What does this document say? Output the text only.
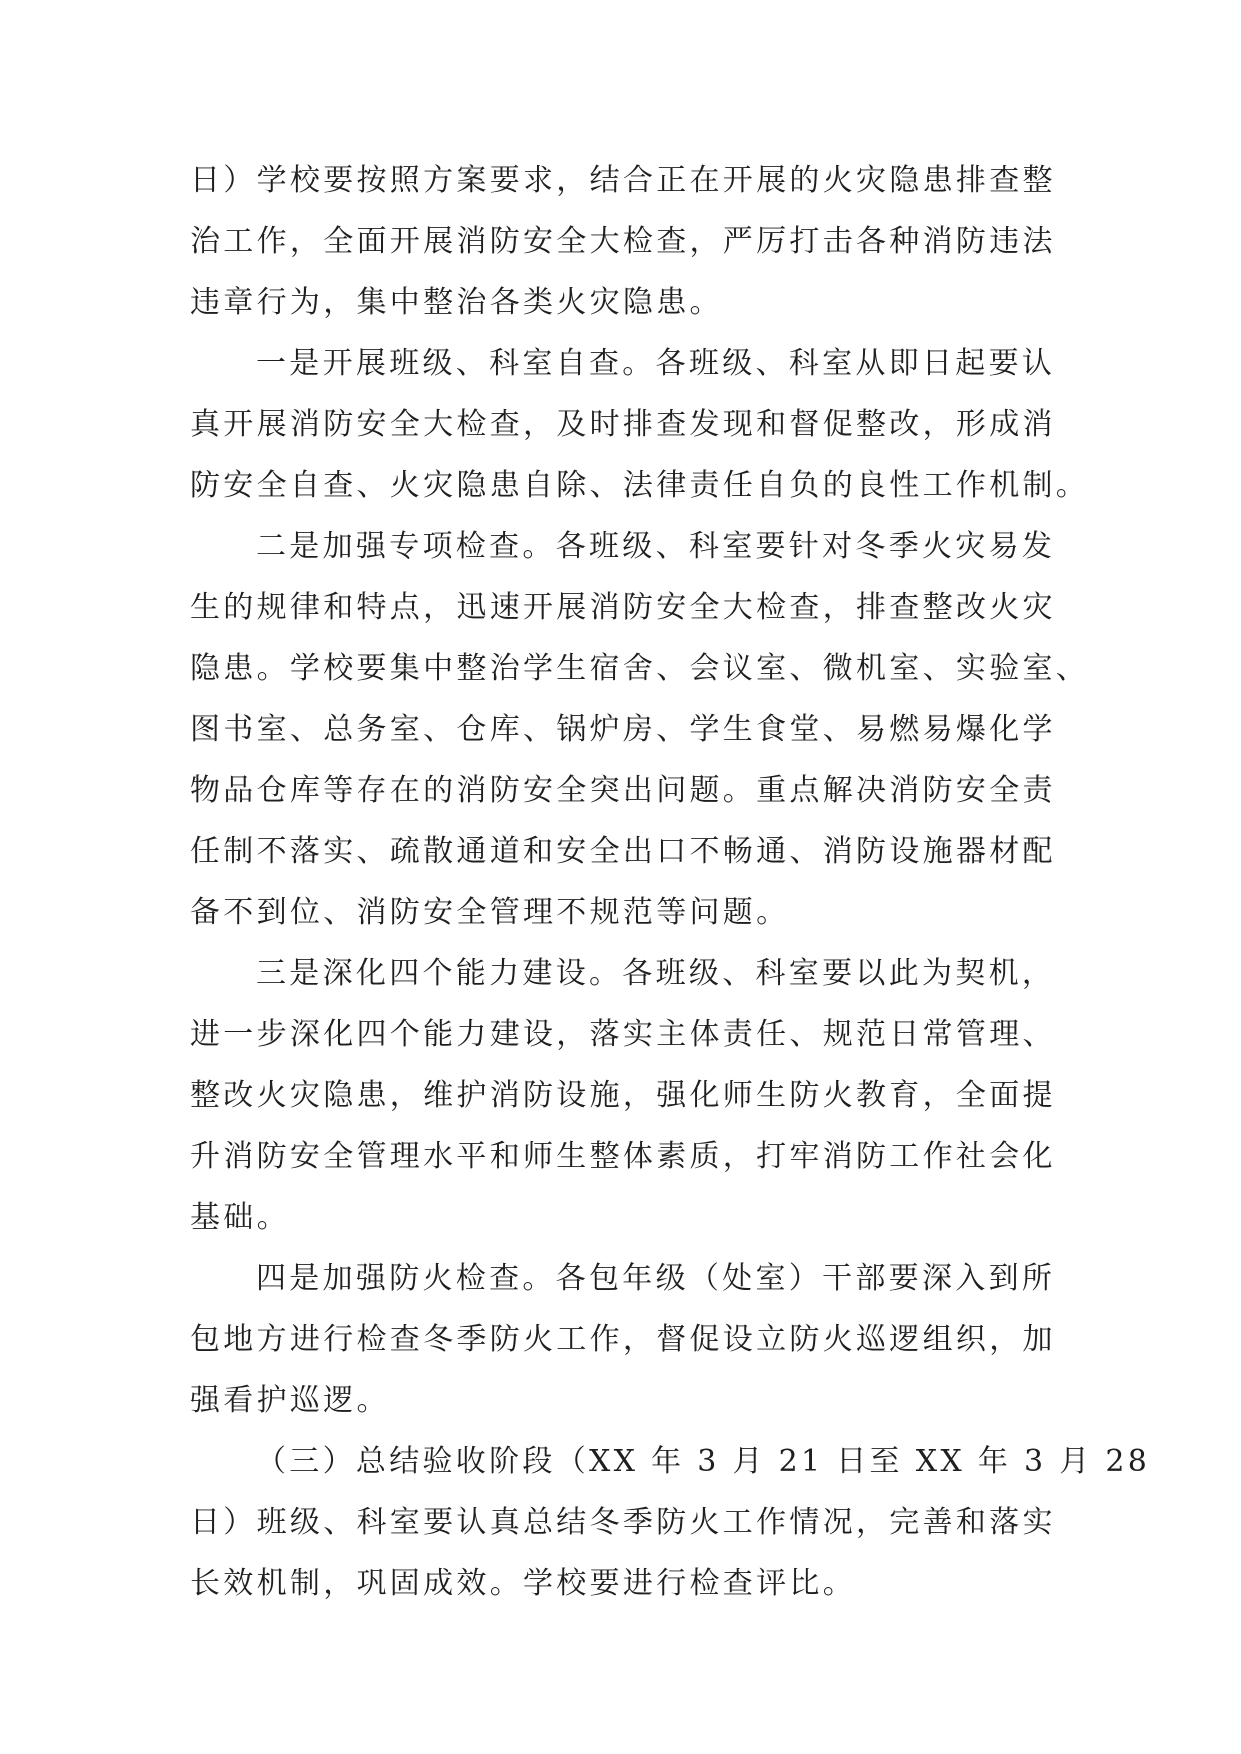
日）学校要按照方案要求，结合正在开展的火灾隐患排查整
治工作，全面开展消防安全大检查，严厉打击各种消防违法
违章行为，集中整治各类火灾隐患。
一是开展班级、科室自查。各班级、科室从即日起要认
真开展消防安全大检查，及时排查发现和督促整改，形成消
防安全自查、火灾隐患自除、法律责任自负的良性工作机制。
二是加强专项检查。各班级、科室要针对冬季火灾易发
生的规律和特点，迅速开展消防安全大检查，排查整改火灾
隐患。学校要集中整治学生宿舍、会议室、微机室、实验室、
图书室、总务室、仓库、锅炉房、学生食堂、易燃易爆化学
物品仓库等存在的消防安全突出问题。重点解决消防安全责
任制不落实、疏散通道和安全出口不畅通、消防设施器材配
备不到位、消防安全管理不规范等问题。
三是深化四个能力建设。各班级、科室要以此为契机，
进一步深化四个能力建设，落实主体责任、规范日常管理、
整改火灾隐患，维护消防设施，强化师生防火教育，全面提
升消防安全管理水平和师生整体素质，打牢消防工作社会化
基础。
四是加强防火检查。各包年级（处室）干部要深入到所
包地方进行检查冬季防火工作，督促设立防火巡逻组织，加
强看护巡逻。
（三）总结验收阶段（XX 年 3 月 21 日至 XX 年 3 月 28
日）班级、科室要认真总结冬季防火工作情况，完善和落实
长效机制，巩固成效。学校要进行检查评比。
